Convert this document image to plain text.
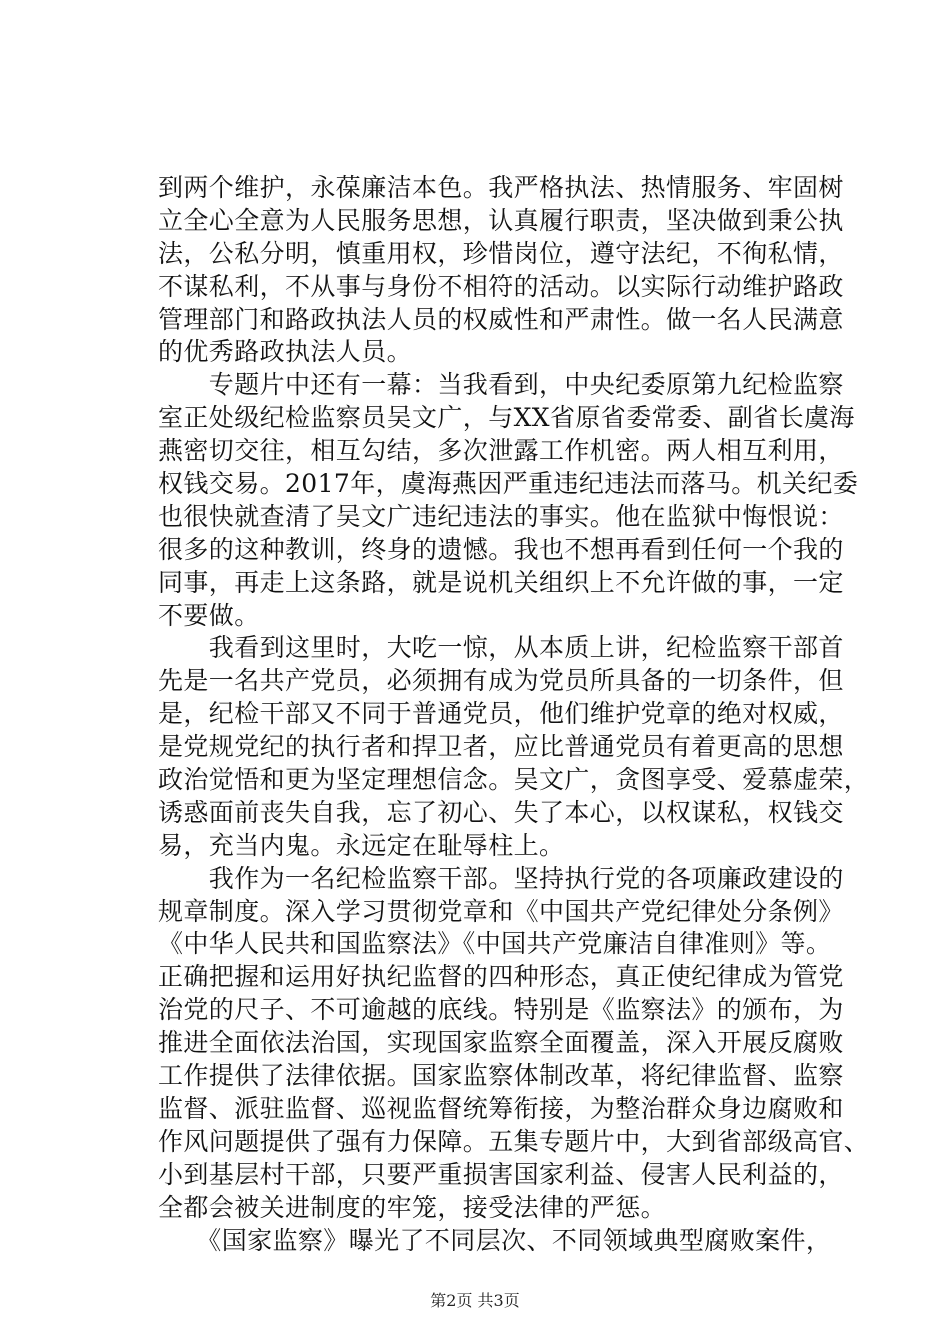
到两个维护，永葆廉洁本色。我严格执法、热情服务、牢固树
立全心全意为人民服务思想，认真履行职责，坚决做到秉公执
法，公私分明，慎重用权，珍惜岗位，遵守法纪，不徇私情，
不谋私利，不从事与身份不相符的活动。以实际行动维护路政
管理部门和路政执法人员的权威性和严肃性。做一名人民满意
的优秀路政执法人员。
　　专题片中还有一幕：当我看到，中央纪委原第九纪检监察
室正处级纪检监察员吴文广，与XX省原省委常委、副省长虞海
燕密切交往，相互勾结，多次泄露工作机密。两人相互利用，
权钱交易。2017年，虞海燕因严重违纪违法而落马。机关纪委
也很快就查清了吴文广违纪违法的事实。他在监狱中悔恨说：
很多的这种教训，终身的遗憾。我也不想再看到任何一个我的
同事，再走上这条路，就是说机关组织上不允许做的事，一定
不要做。
　　我看到这里时，大吃一惊，从本质上讲，纪检监察干部首
先是一名共产党员，必须拥有成为党员所具备的一切条件，但
是，纪检干部又不同于普通党员，他们维护党章的绝对权威，
是党规党纪的执行者和捍卫者，应比普通党员有着更高的思想
政治觉悟和更为坚定理想信念。吴文广，贪图享受、爱慕虚荣，
诱惑面前丧失自我，忘了初心、失了本心，以权谋私，权钱交
易，充当内鬼。永远定在耻辱柱上。
　　我作为一名纪检监察干部。坚持执行党的各项廉政建设的
规章制度。深入学习贯彻党章和《中国共产党纪律处分条例》
《中华人民共和国监察法》《中国共产党廉洁自律准则》等。
正确把握和运用好执纪监督的四种形态，真正使纪律成为管党
治党的尺子、不可逾越的底线。特别是《监察法》的颁布，为
推进全面依法治国，实现国家监察全面覆盖，深入开展反腐败
工作提供了法律依据。国家监察体制改革，将纪律监督、监察
监督、派驻监督、巡视监督统筹衔接，为整治群众身边腐败和
作风问题提供了强有力保障。五集专题片中，大到省部级高官、
小到基层村干部，只要严重损害国家利益、侵害人民利益的，
全都会被关进制度的牢笼，接受法律的严惩。
　　《国家监察》曝光了不同层次、不同领域典型腐败案件，
第2页 共3页
